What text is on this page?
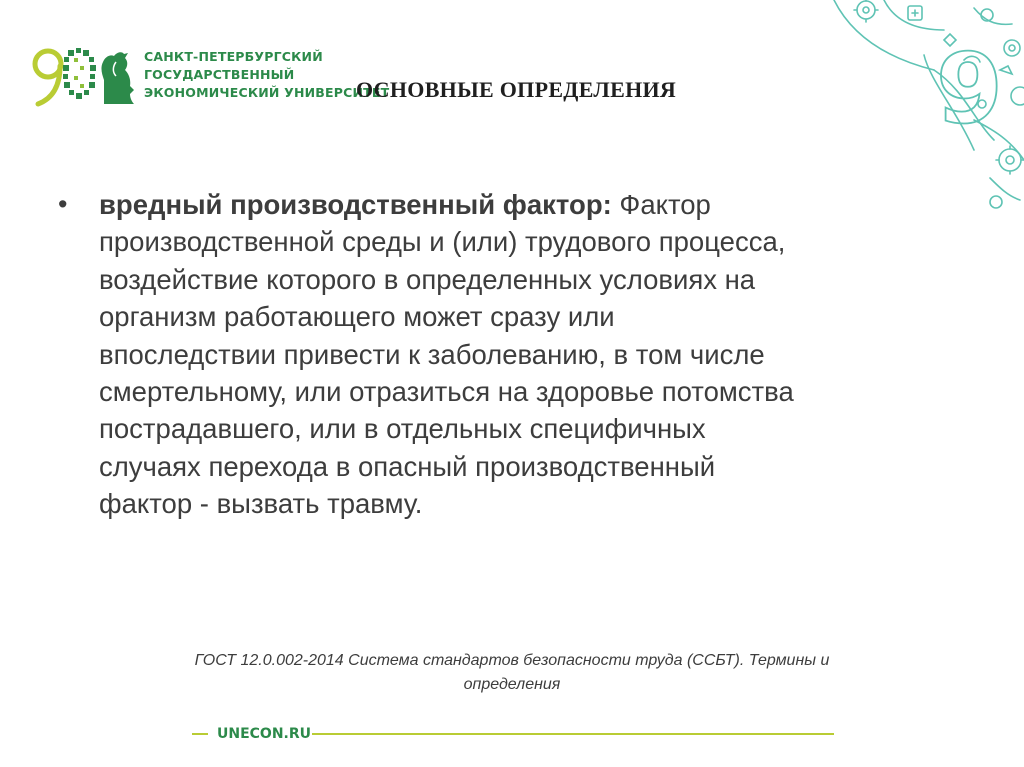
САНКТ-ПЕТЕРБУРГСКИЙ
ГОСУДАРСТВЕННЫЙ
ЭКОНОМИЧЕСКИЙ УНИВЕРСИТЕТ	9
ОСНОВНЫЕ ОПРЕДЕЛЕНИЯ
• вредный производственный фактор: Фактор
производственной среды и (или) трудового процесса,
воздействие которого в определенных условиях на
организм работающего может сразу или
впоследствии привести к заболеванию, в том числе
смертельному, или отразиться на здоровье потомства
пострадавшего, или в отдельных специфичных
случаях перехода в опасный производственный
фактор - вызвать травму.
ГОСТ 12.0.002-2014 Система стандартов безопасности труда (ССБТ). Термины и
определения
UNECON.RU
